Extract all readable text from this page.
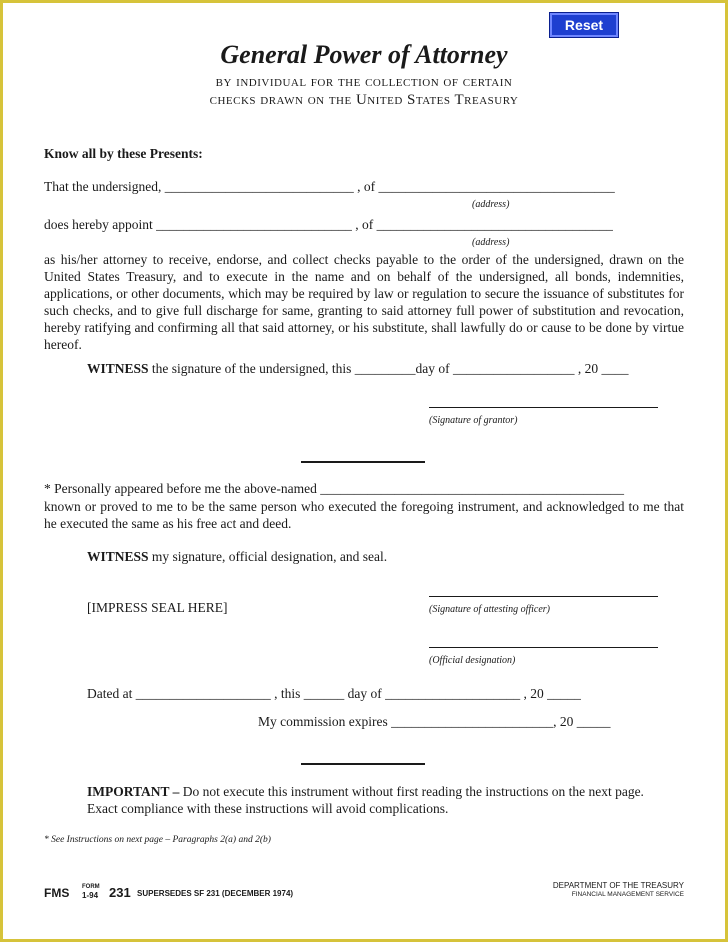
Reset
General Power of Attorney
by individual for the collection of certain
checks drawn on the United States Treasury
Know all by these Presents:
That the undersigned, ____________________________ , of ___________________________________
(address)
does hereby appoint _____________________________ , of ___________________________________
(address)
as his/her attorney to receive, endorse, and collect checks payable to the order of the undersigned, drawn on the United States Treasury, and to execute in the name and on behalf of the undersigned, all bonds, indemnities, applications, or other documents, which may be required by law or regulation to secure the issuance of substitutes for such checks, and to give full discharge for same, granting to said attorney full power of substitution and revocation, hereby ratifying and confirming all that said attorney, or his substitute, shall lawfully do or cause to be done by virtue hereof.
WITNESS the signature of the undersigned, this _________day of __________________ , 20 ____
(Signature of grantor)
* Personally appeared before me the above-named _____________________________________________
known or proved to me to be the same person who executed the foregoing instrument, and acknowledged to me that he executed the same as his free act and deed.
WITNESS my signature, official designation, and seal.
[IMPRESS SEAL HERE]	(Signature of attesting officer)
(Official designation)
Dated at ____________________ , this ______ day of ____________________ , 20 _____
My commission expires ________________________, 20 _____
IMPORTANT – Do not execute this instrument without first reading the instructions on the next page. Exact compliance with these instructions will avoid complications.
* See Instructions on next page – Paragraphs 2(a) and 2(b)
FMS FORM
1-94 231 SUPERSEDES SF 231 (DECEMBER 1974)
DEPARTMENT OF THE TREASURY
FINANCIAL MANAGEMENT SERVICE
